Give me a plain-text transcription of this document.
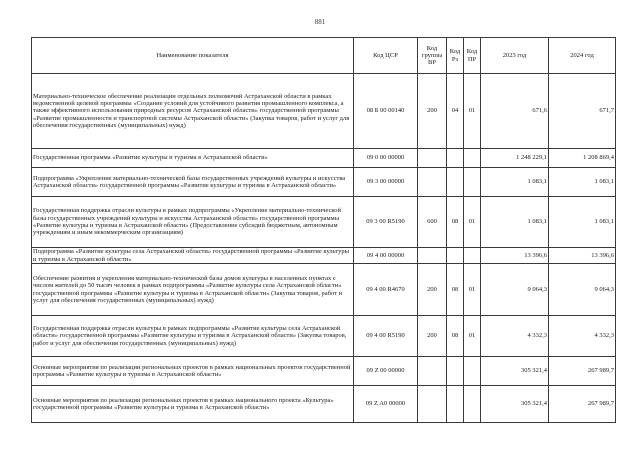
881
Наименование показателя	Код ЦСР	Код группы ВР	Код Рз	Код ПР	2023 год	2024 год
Материально-техническое обеспечение реализации отдельных полномочий Астраханской области в рамках ведомственной целевой программы «Создание условий для устойчивого развития промышленного комплекса, а также эффективного использования природных ресурсов Астраханской области» государственной программы «Развитие промышленности и транспортной системы Астраханской области» (Закупка товаров, работ и услуг для обеспечения государственных (муниципальных) нужд)	08 Б 00 00140	200	04	01	671,6	671,7
Государственная программа «Развитие культуры и туризма в Астраханской области»	09 0 00 00000				1 248 229,1	1 208 869,4
Подпрограмма «Укрепление материально-технической базы государственных учреждений культуры и искусства Астраханской области» государственной программы «Развитие культуры и туризма в Астраханской области»	09 3 00 00000				1 083,1	1 083,1
Государственная поддержка отрасли культуры в рамках подпрограммы «Укрепление материально-технической базы государственных учреждений культуры и искусства Астраханской области» государственной программы «Развитие культуры и туризма в Астраханской области» (Предоставление субсидий бюджетным, автономным учреждениям и иным некоммерческим организациям)	09 3 00 R5190	600	08	01	1 083,1	1 083,1
Подпрограмма «Развитие культуры села Астраханской области» государственной программы «Развитие культуры и туризма в Астраханской области»	09 4 00 00000				13 396,6	13 396,6
Обеспечение развития и укрепления материально-технической базы домов культуры в населенных пунктах с числом жителей до 50 тысяч человек в рамках подпрограммы «Развитие культуры села Астраханской области» государственной программы «Развитие культуры и туризма в Астраханской области» (Закупка товаров, работ и услуг для обеспечения государственных (муниципальных) нужд)	09 4 00 R4670	200	08	01	9 064,3	9 064,3
Государственная поддержка отрасли культуры в рамках подпрограммы «Развитие культуры села Астраханской области» государственной программы «Развитие культуры и туризма в Астраханской области» (Закупка товаров, работ и услуг для обеспечения государственных (муниципальных) нужд)	09 4 00 R5190	200	08	01	4 332,3	4 332,3
Основные мероприятия по реализации региональных проектов в рамках национальных проектов государственной программы «Развитие культуры и туризма в Астраханской области»	09 Z 00 00000				305 321,4	267 989,7
Основные мероприятия по реализации региональных проектов в рамках национального проекта «Культура» государственной программы «Развитие культуры и туризма в Астраханской области»	09 Z A0 00000				305 321,4	267 989,7
